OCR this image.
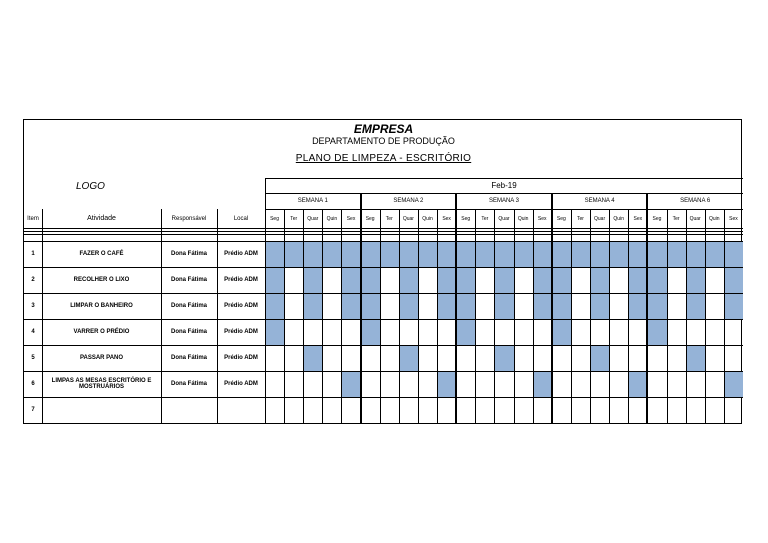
EMPRESA
DEPARTAMENTO DE PRODUÇÃO
PLANO DE LIMPEZA - ESCRITÓRIO
LOGO	Feb-19
Item	Atividade	Responsável	Local
SEMANA 1	SEMANA 2	SEMANA 3	SEMANA 4	SEMANA 6
Seg	Ter	Quar	Quin	Sex	Seg	Ter	Quar	Quin	Sex	Seg	Ter	Quar	Quin	Sex	Seg	Ter	Quar	Quin	Sex	Seg	Ter	Quar	Quin	Sex
1	FAZER O CAFÉ	Dona Fátima	Prédio ADM
2	RECOLHER O LIXO	Dona Fátima	Prédio ADM
3	LIMPAR O BANHEIRO	Dona Fátima	Prédio ADM
4	VARRER O PRÉDIO	Dona Fátima	Prédio ADM
5	PASSAR PANO	Dona Fátima	Prédio ADM
6	LIMPAS AS MESAS ESCRITÓRIO E MOSTRUÁRIOS	Dona Fátima	Prédio ADM
7
